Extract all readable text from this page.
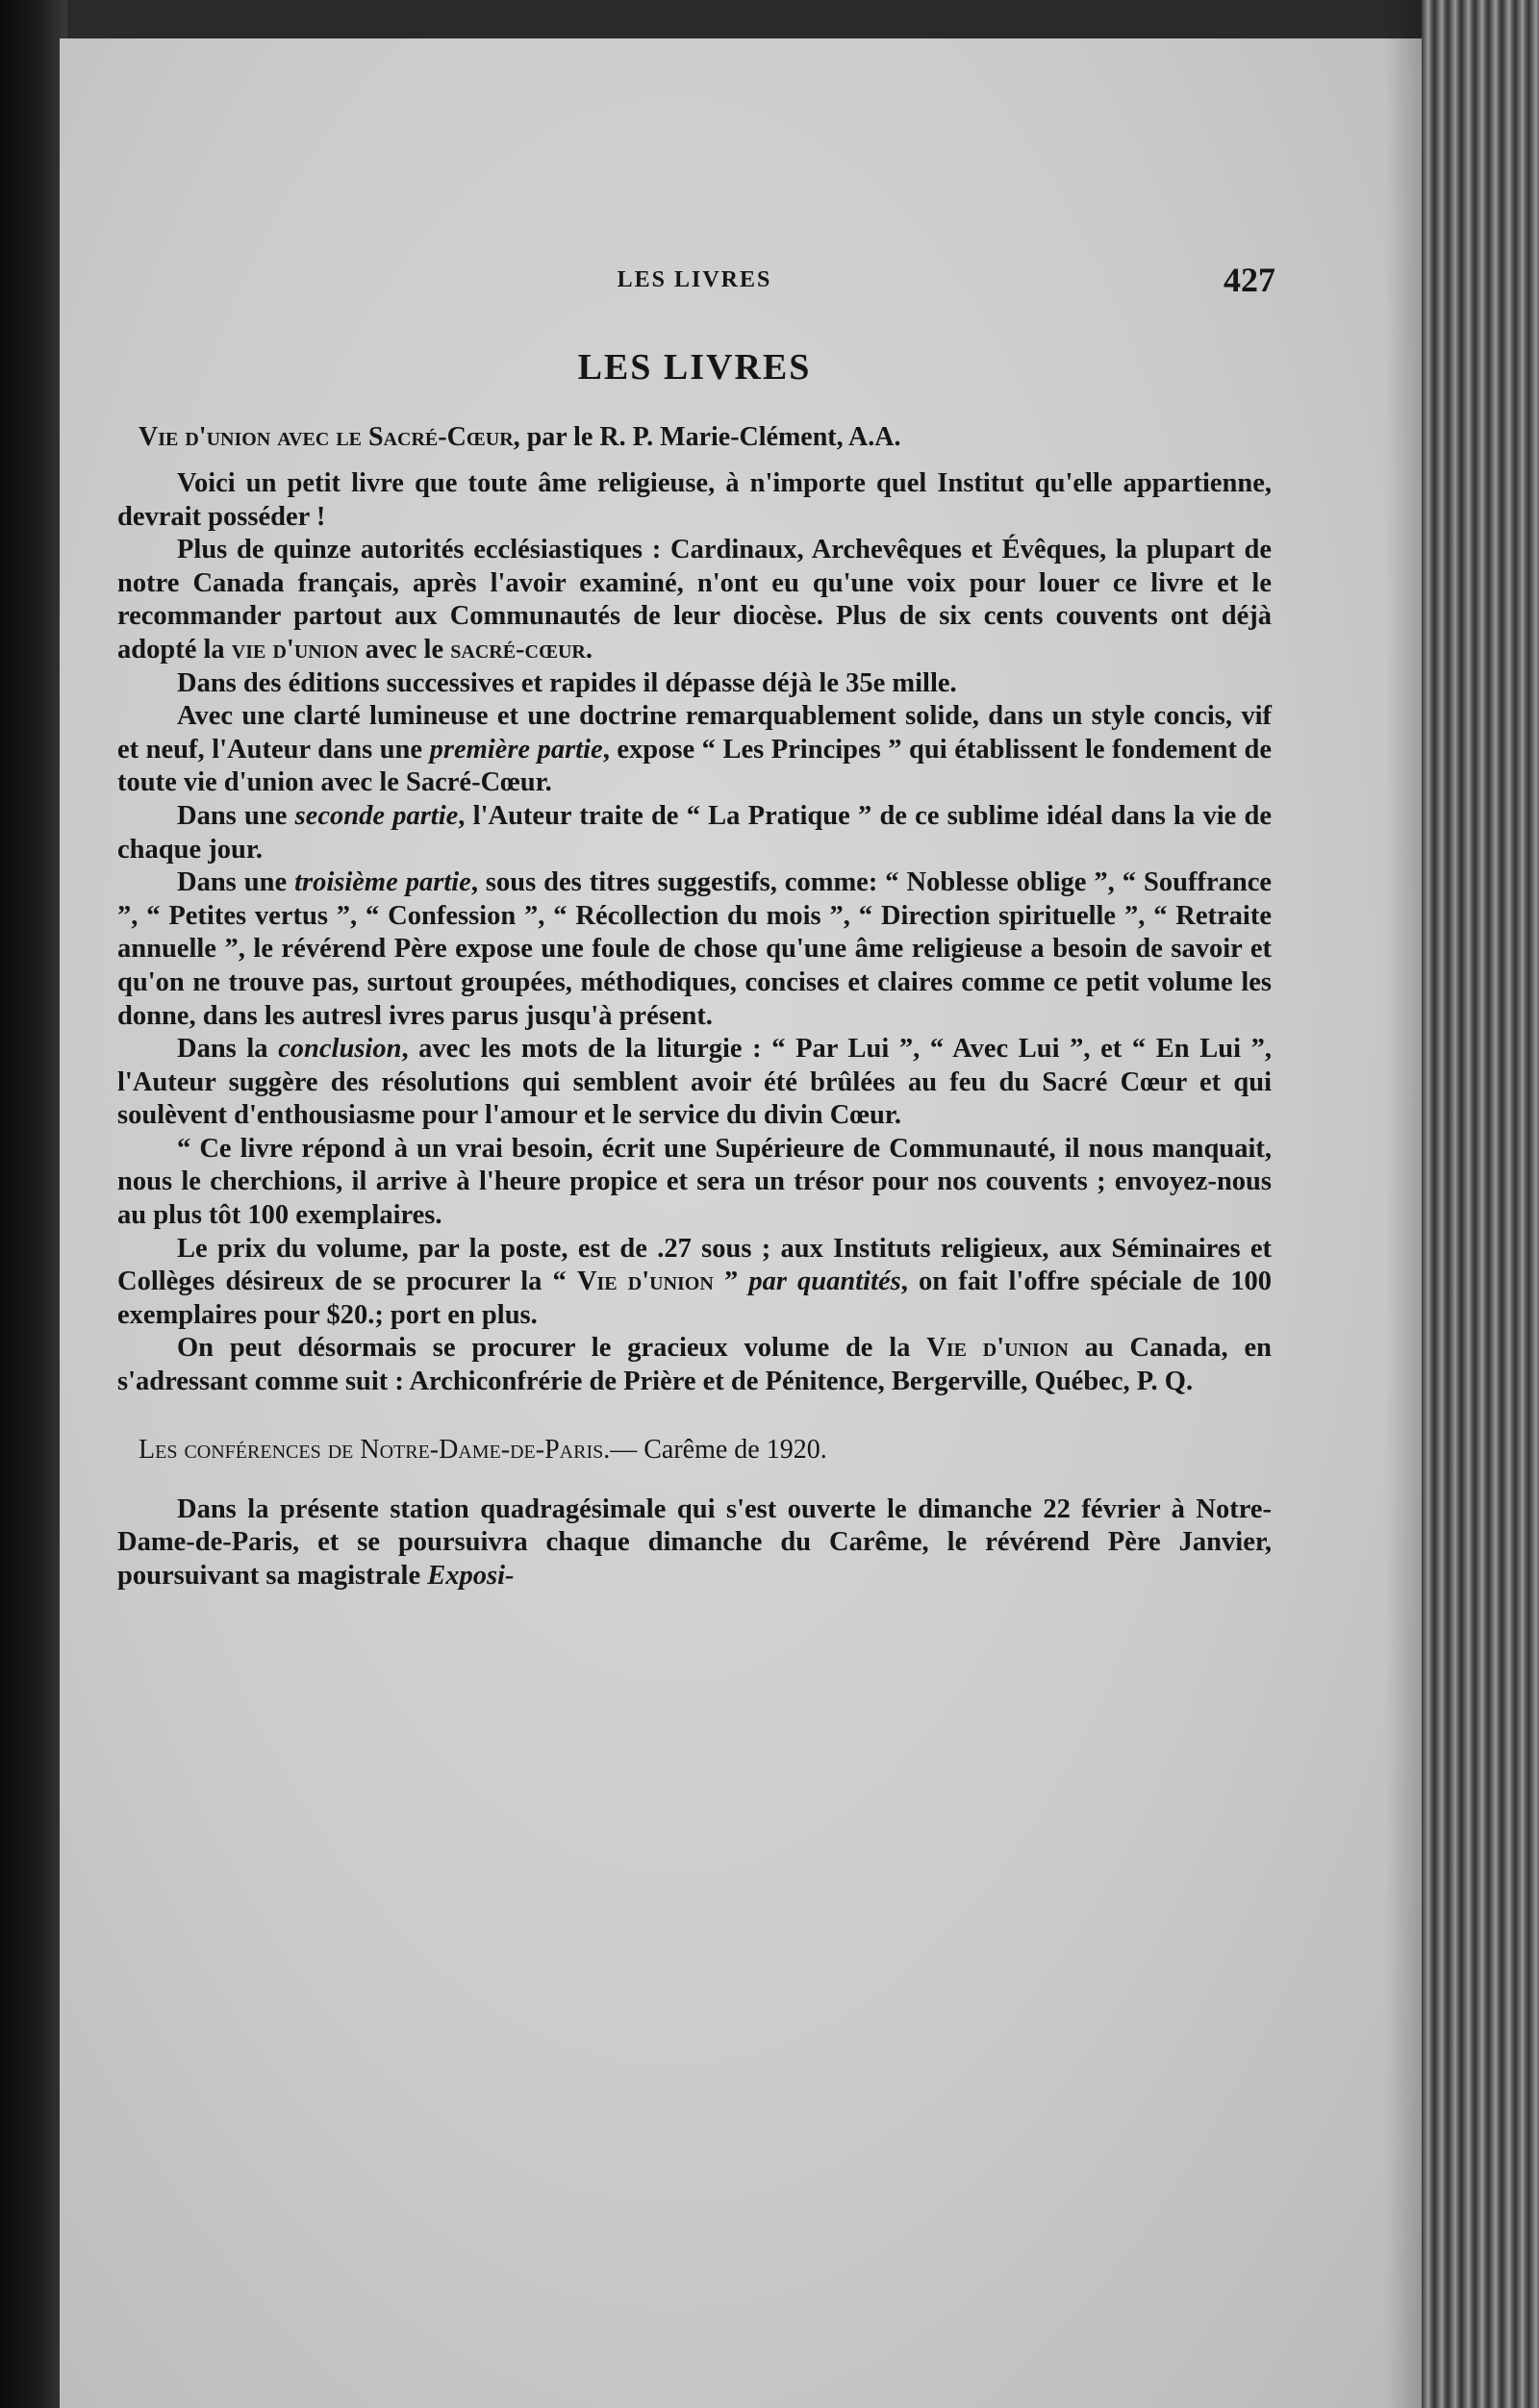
LES LIVRES	427
LES LIVRES
Vie d'union avec le Sacré-Cœur, par le R. P. Marie-Clément, A.A.

Voici un petit livre que toute âme religieuse, à n'importe quel Institut qu'elle appartienne, devrait posséder !

Plus de quinze autorités ecclésiastiques : Cardinaux, Archevêques et Évêques, la plupart de notre Canada français, après l'avoir examiné, n'ont eu qu'une voix pour louer ce livre et le recommander partout aux Communautés de leur diocèse. Plus de six cents couvents ont déjà adopté la vie d'union avec le sacré-cœur.

Dans des éditions successives et rapides il dépasse déjà le 35e mille.

Avec une clarté lumineuse et une doctrine remarquablement solide, dans un style concis, vif et neuf, l'Auteur dans une première partie, expose “ Les Principes ” qui établissent le fondement de toute vie d'union avec le Sacré-Cœur.

Dans une seconde partie, l'Auteur traite de “ La Pratique ” de ce sublime idéal dans la vie de chaque jour.

Dans une troisième partie, sous des titres suggestifs, comme: “ Noblesse oblige ”, “ Souffrance ”, “ Petites vertus ”, “ Confession ”, “ Récollection du mois ”, “ Direction spirituelle ”, “ Retraite annuelle ”, le révérend Père expose une foule de chose qu'une âme religieuse a besoin de savoir et qu'on ne trouve pas, surtout groupées, méthodiques, concises et claires comme ce petit volume les donne, dans les autresl ivres parus jusqu'à présent.

Dans la conclusion, avec les mots de la liturgie : “ Par Lui ”, “ Avec Lui ”, et “ En Lui ”, l'Auteur suggère des résolutions qui semblent avoir été brûlées au feu du Sacré Cœur et qui soulèvent d'enthousiasme pour l'amour et le service du divin Cœur.

“ Ce livre répond à un vrai besoin, écrit une Supérieure de Communauté, il nous manquait, nous le cherchions, il arrive à l'heure propice et sera un trésor pour nos couvents ; envoyez-nous au plus tôt 100 exemplaires.

Le prix du volume, par la poste, est de .27 sous ; aux Instituts religieux, aux Séminaires et Collèges désireux de se procurer la “ Vie d'union ” par quantités, on fait l'offre spéciale de 100 exemplaires pour $20.; port en plus.

On peut désormais se procurer le gracieux volume de la Vie d'union au Canada, en s'adressant comme suit : Archiconfrérie de Prière et de Pénitence, Bergerville, Québec, P. Q.

Les conférences de Notre-Dame-de-Paris.— Carême de 1920.

Dans la présente station quadragésimale qui s'est ouverte le dimanche 22 février à Notre-Dame-de-Paris, et se poursuivra chaque dimanche du Carême, le révérend Père Janvier, poursuivant sa magistrale Exposi-
